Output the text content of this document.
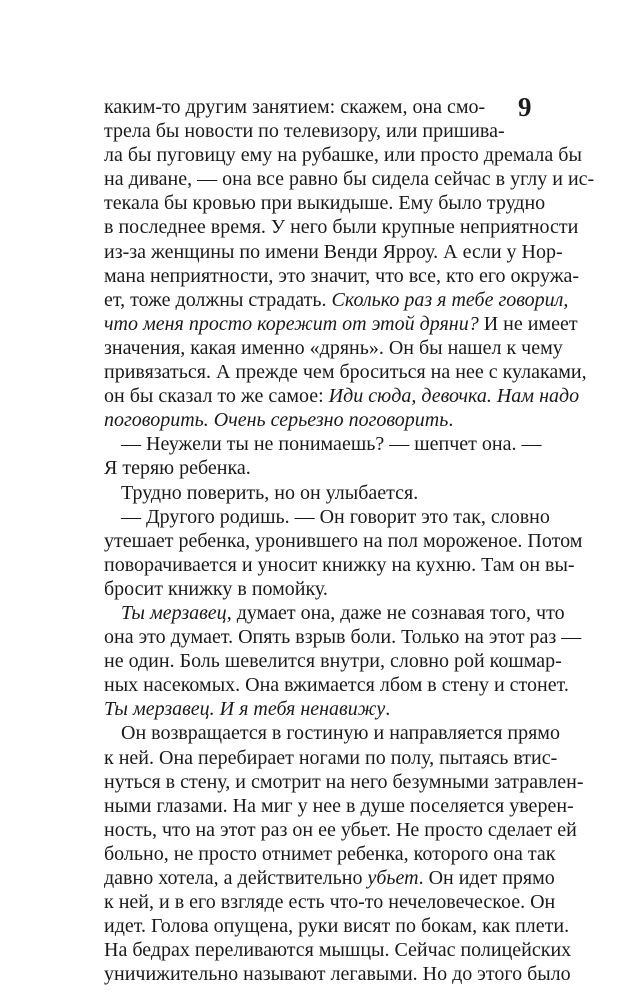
9
каким-то другим занятием: скажем, она смо-
трела бы новости по телевизору, или пришива-
ла бы пуговицу ему на рубашке, или просто дремала бы
на диване, — она все равно бы сидела сейчас в углу и ис-
текала бы кровью при выкидыше. Ему было трудно
в последнее время. У него были крупные неприятности
из-за женщины по имени Венди Ярроу. А если у Нор-
мана неприятности, это значит, что все, кто его окружа-
ет, тоже должны страдать. Сколько раз я тебе говорил,
что меня просто корежит от этой дряни? И не имеет
значения, какая именно «дрянь». Он бы нашел к чему
привязаться. А прежде чем броситься на нее с кулаками,
он бы сказал то же самое: Иди сюда, девочка. Нам надо
поговорить. Очень серьезно поговорить.
— Неужели ты не понимаешь? — шепчет она. —
Я теряю ребенка.
Трудно поверить, но он улыбается.
— Другого родишь. — Он говорит это так, словно
утешает ребенка, уронившего на пол мороженое. Потом
поворачивается и уносит книжку на кухню. Там он вы-
бросит книжку в помойку.
Ты мерзавец, думает она, даже не сознавая того, что
она это думает. Опять взрыв боли. Только на этот раз —
не один. Боль шевелится внутри, словно рой кошмар-
ных насекомых. Она вжимается лбом в стену и стонет.
Ты мерзавец. И я тебя ненавижу.
Он возвращается в гостиную и направляется прямо
к ней. Она перебирает ногами по полу, пытаясь втис-
нуться в стену, и смотрит на него безумными затравлен-
ными глазами. На миг у нее в душе поселяется уверен-
ность, что на этот раз он ее убьет. Не просто сделает ей
больно, не просто отнимет ребенка, которого она так
давно хотела, а действительно убьет. Он идет прямо
к ней, и в его взгляде есть что-то нечеловеческое. Он
идет. Голова опущена, руки висят по бокам, как плети.
На бедрах переливаются мышцы. Сейчас полицейских
уничижительно называют легавыми. Но до этого было
